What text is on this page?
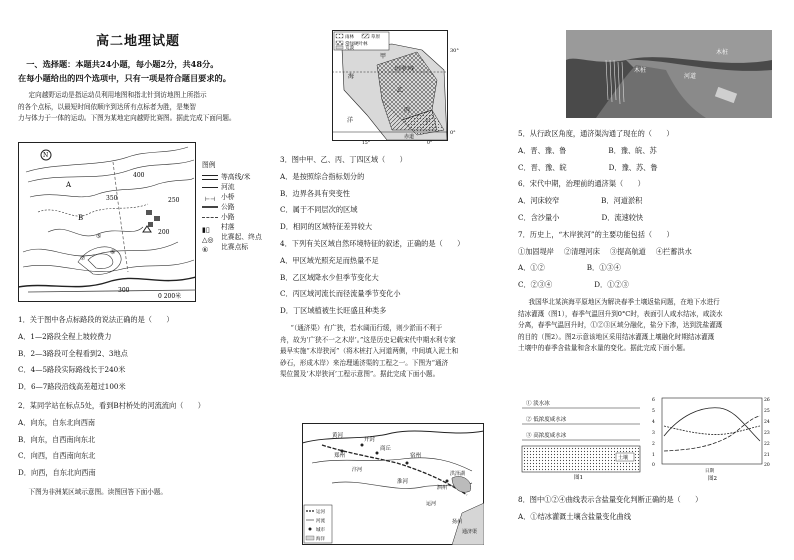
高二地理试题
一、选择题：本题共24小题，每小题2分，共48分。
在每小题给出的四个选项中，只有一项是符合题目要求的。
定向越野运动是指运动员利用地图和指北针到访地图上所指示
的各个点标，以最短时间依顺序到达所有点标者为胜，是集智
力与体力于一体的运动。下图为某地定向越野比赛图。据此完成下面问题。
N
A
B
350
300
400
200
⑤
⑥
⑦
250
0 200米
图例
等高线/米
河流
⊢⊣ 小桥
公路
小路
▮▯	村落
△◎	比赛起、终点
⑥	比赛点标
1．关于图中各点标路段的说法正确的是（　　）
A．1—2路段全程上坡较费力
B．2—3路段可全程看到2、3地点
C．4—5路段实际路线长于240米
D．6—7路段沿线高差超过100米
2．某同学站在标点5处，看到B村桥处的河流流向（　　）
A．向东，自东北向西南
B．向东，自西南向东北
C．向西，自西南向东北
D．向西，自东北向西南
下图为非洲某区域示意图。读图回答下面小题。
雨林	草原
常绿硬叶林
荒漠	30°
海
北回归线
乙
丙
丁
赤道
0°
15°	0°
洋
甲
3．图中甲、乙、丙、丁四区域（　　）
A．是按照综合指标划分的
B．边界各具有突变性
C．属于不同层次的区域
D．相同的区域特征差异较大
4．下列有关区域自然环境特征的叙述，正确的是（　　）
A．甲区域光照充足而热量不足
B．乙区域降水少但季节变化大
C．丙区域河流长而径流量季节变化小
D．丁区域植被生长旺盛且种类多
“（通济渠）有广狭，若水阔而行缓，则少淤而不利于
舟，故为‘广狭不一之木岸’。”这是历史记载宋代中期水利专家
最早实施“木岸狭河”（将木桩打入河道两侧，中间填入泥土和
砂石，形成木岸）来治理通济渠的工程之一。下图为“通济
渠位置及‘木岸狭河’工程示意图”。据此完成下面小题。
黄河
开封
宿州
商丘
淮河
洪泽湖
泗州
郑州
运河
汴河
扬州
通济渠
运河
河流
城市
海洋
木桩
河道
木桩
5．从行政区角度，通济渠沟通了现在的（　　）
A．晋、豫、鲁	B．豫、皖、苏
C．晋、豫、皖	D．豫、苏、鲁
6．宋代中期，治理前的通济渠（　　）
A．河床较窄	B．河道淤积
C．含沙量小	D．流速较快
7．历史上，“木岸狭河”的主要功能包括（　　）
①加固堤岸 ②清理河床 ③提高航道 ④拦蓄洪水
A．①②	B．①③④
C．②③④	D．①②③
我国华北某滨海平原地区为解决春季土壤返盐问题，在地下水进行
结冰灌溉（图1），春季气温回升到0°C时，表面引人咸水结冰，咸淡水
分离，春季气温回升时，①②③区域分融化，盐分下渗，达到洗盐灌溉
的目的（图2）。图2示意该地区采用结冰灌溉上壤融化时期结冰灌溉
土壤中的春季含盐量和含水量的变化。据此完成下面小题。
① 淡水冰
② 低浓度咸水冰
③ 高浓度咸水冰
土壤
图1
6
5
4
3
2
1
0
26
25
24
23
22
21
20
日期
图2
8．图中①②④曲线表示含盐量变化判断正确的是（　　）
A．①结冰灌溉土壤含盐量变化曲线
